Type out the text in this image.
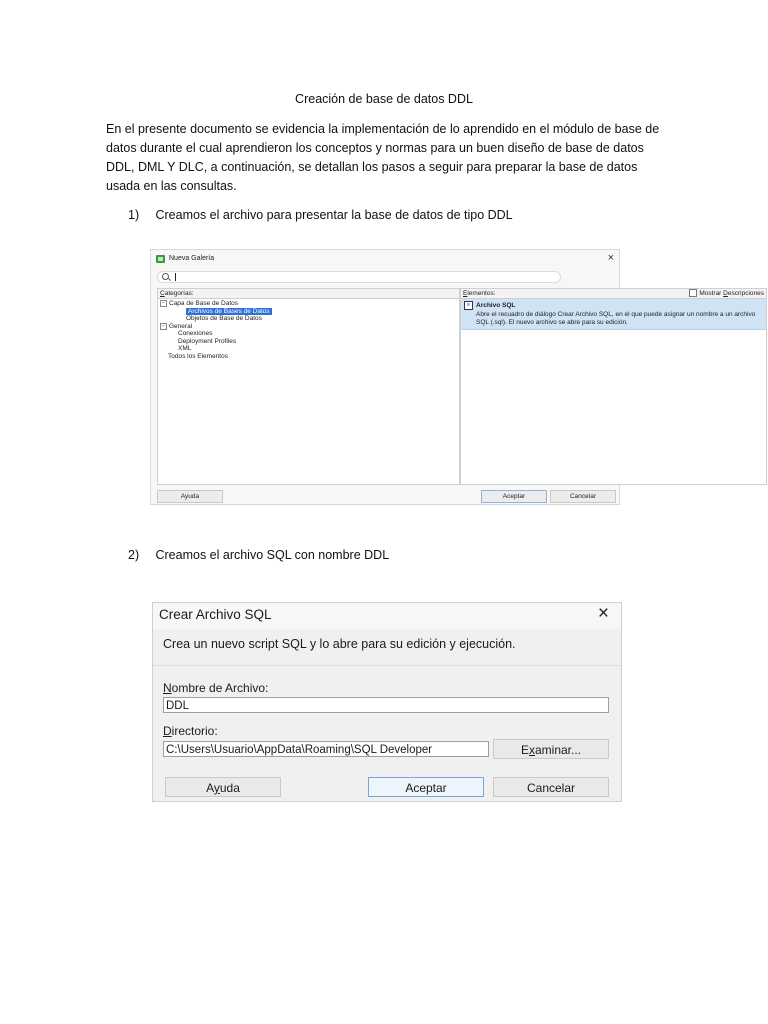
Creación de base de datos DDL
En el presente documento se evidencia la implementación de lo aprendido en el módulo de base de datos durante el cual aprendieron los conceptos y normas para un buen diseño de base de datos DDL, DML Y DLC, a continuación, se detallan los pasos a seguir para preparar la base de datos usada en las consultas.
1) Creamos el archivo para presentar la base de datos de tipo DDL
Nueva Galería	×
Categorías:
− Capa de Base de Datos
Archivos de Bases de Datos
Objetos de Base de Datos
− General
Conexiones
Deployment Profiles
XML
Todos los Elementos
Elementos:	Mostrar Descripciones
≡ Archivo SQL
Abre el recuadro de diálogo Crear Archivo SQL, en el que puede asignar un nombre a un archivo SQL (.sql). El nuevo archivo se abre para su edición.
Ayuda	Aceptar	Cancelar
2) Creamos el archivo SQL con nombre DDL
Crear Archivo SQL	×
Crea un nuevo script SQL y lo abre para su edición y ejecución.
Nombre de Archivo:
DDL
Directorio:
C:\Users\Usuario\AppData\Roaming\SQL Developer	Examinar...
Ayuda	Aceptar	Cancelar
